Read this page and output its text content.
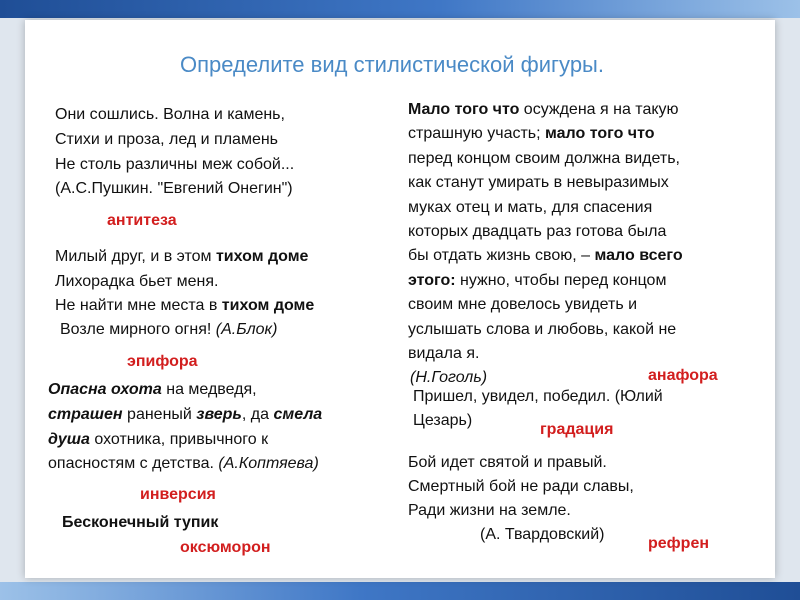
Определите вид стилистической фигуры.
Они сошлись. Волна и камень,
Стихи и проза, лед и пламень
Не столь различны меж собой...
(А.С.Пушкин. "Евгений Онегин")
антитеза
Милый друг, и в этом тихом доме
Лихорадка бьет меня.
Не найти мне места в тихом доме
Возле мирного огня! (А.Блок)
эпифора
Опасна охота на медведя,
страшен раненый зверь, да смела
душа охотника, привычного к
опасностям с детства. (А.Коптяева)
инверсия
Бесконечный тупик
оксюморон
Мало того что осуждена я на такую
страшную участь; мало того что
перед концом своим должна видеть,
как станут умирать в невыразимых
муках отец и мать, для спасения
которых двадцать раз готова была
бы отдать жизнь свою, – мало всего
этого: нужно, чтобы перед концом
своим мне довелось увидеть и
услышать слова и любовь, какой не
видала я.
(Н.Гоголь)	анафора
Пришел, увидел, победил. (Юлий
Цезарь)
градация
Бой идет святой и правый.
Смертный бой не ради славы,
Ради жизни на земле.
(А. Твардовский)
рефрен
